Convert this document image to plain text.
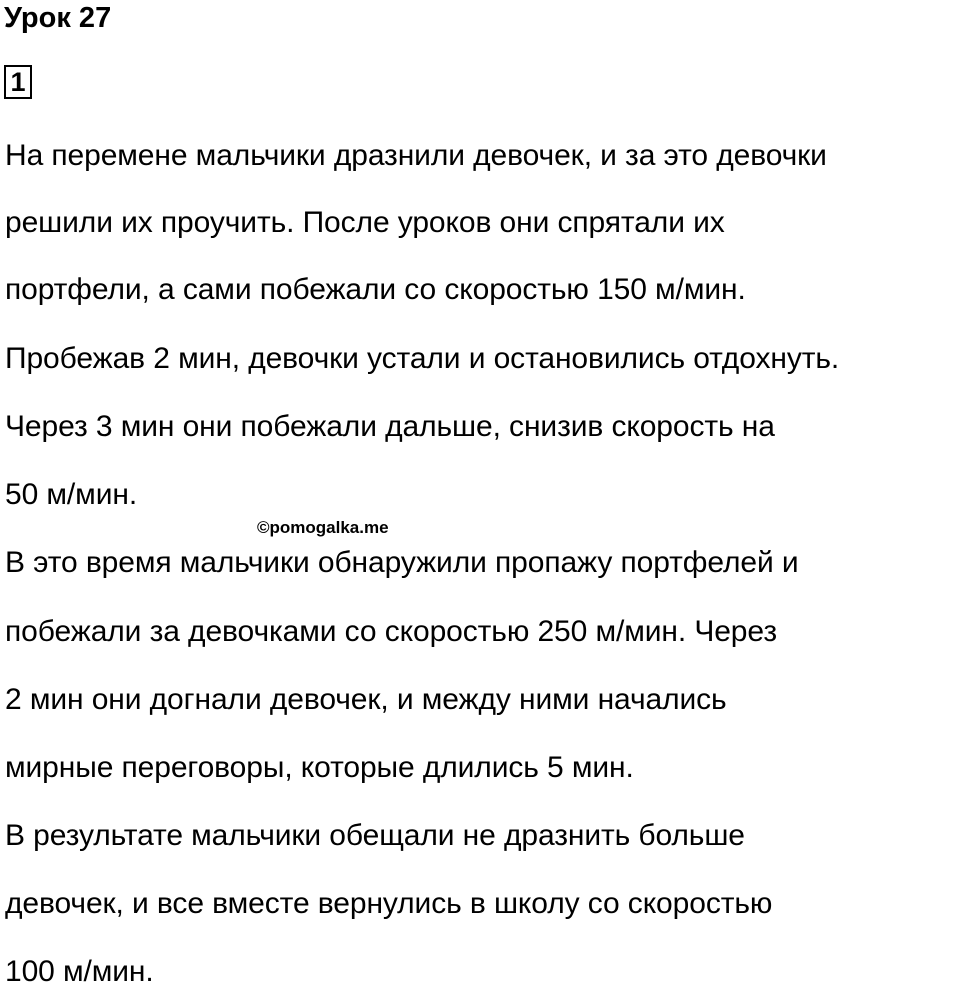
Урок 27
1
На перемене мальчики дразнили девочек, и за это девочки
решили их проучить. После уроков они спрятали их
портфели, а сами побежали со скоростью 150 м/мин.
Пробежав 2 мин, девочки устали и остановились отдохнуть.
Через 3 мин они побежали дальше, снизив скорость на
50 м/мин.
В это время мальчики обнаружили пропажу портфелей и
побежали за девочками со скоростью 250 м/мин. Через
2 мин они догнали девочек, и между ними начались
мирные переговоры, которые длились 5 мин.
В результате мальчики обещали не дразнить больше
девочек, и все вместе вернулись в школу со скоростью
100 м/мин.
©pomogalka.me
